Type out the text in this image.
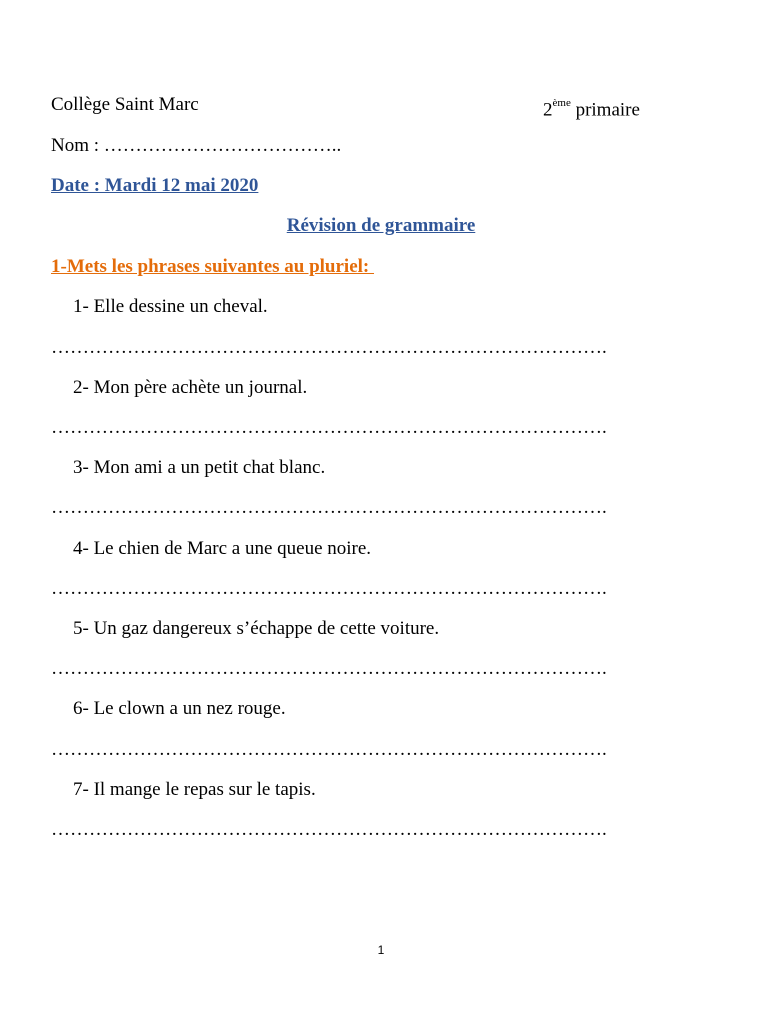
Collège Saint Marc	2ème primaire
Nom : ………………………………..
Date : Mardi 12 mai 2020
Révision de grammaire
1-Mets les phrases suivantes au pluriel:
1- Elle dessine un cheval.
…………………………………………………………………………….
2- Mon père achète un journal.
…………………………………………………………………………….
3- Mon ami a un petit chat blanc.
…………………………………………………………………………….
4- Le chien de Marc a une queue noire.
…………………………………………………………………………….
5- Un gaz dangereux s’échappe de cette voiture.
…………………………………………………………………………….
6- Le clown a un nez rouge.
…………………………………………………………………………….
7- Il mange le repas sur le tapis.
…………………………………………………………………………….
1
